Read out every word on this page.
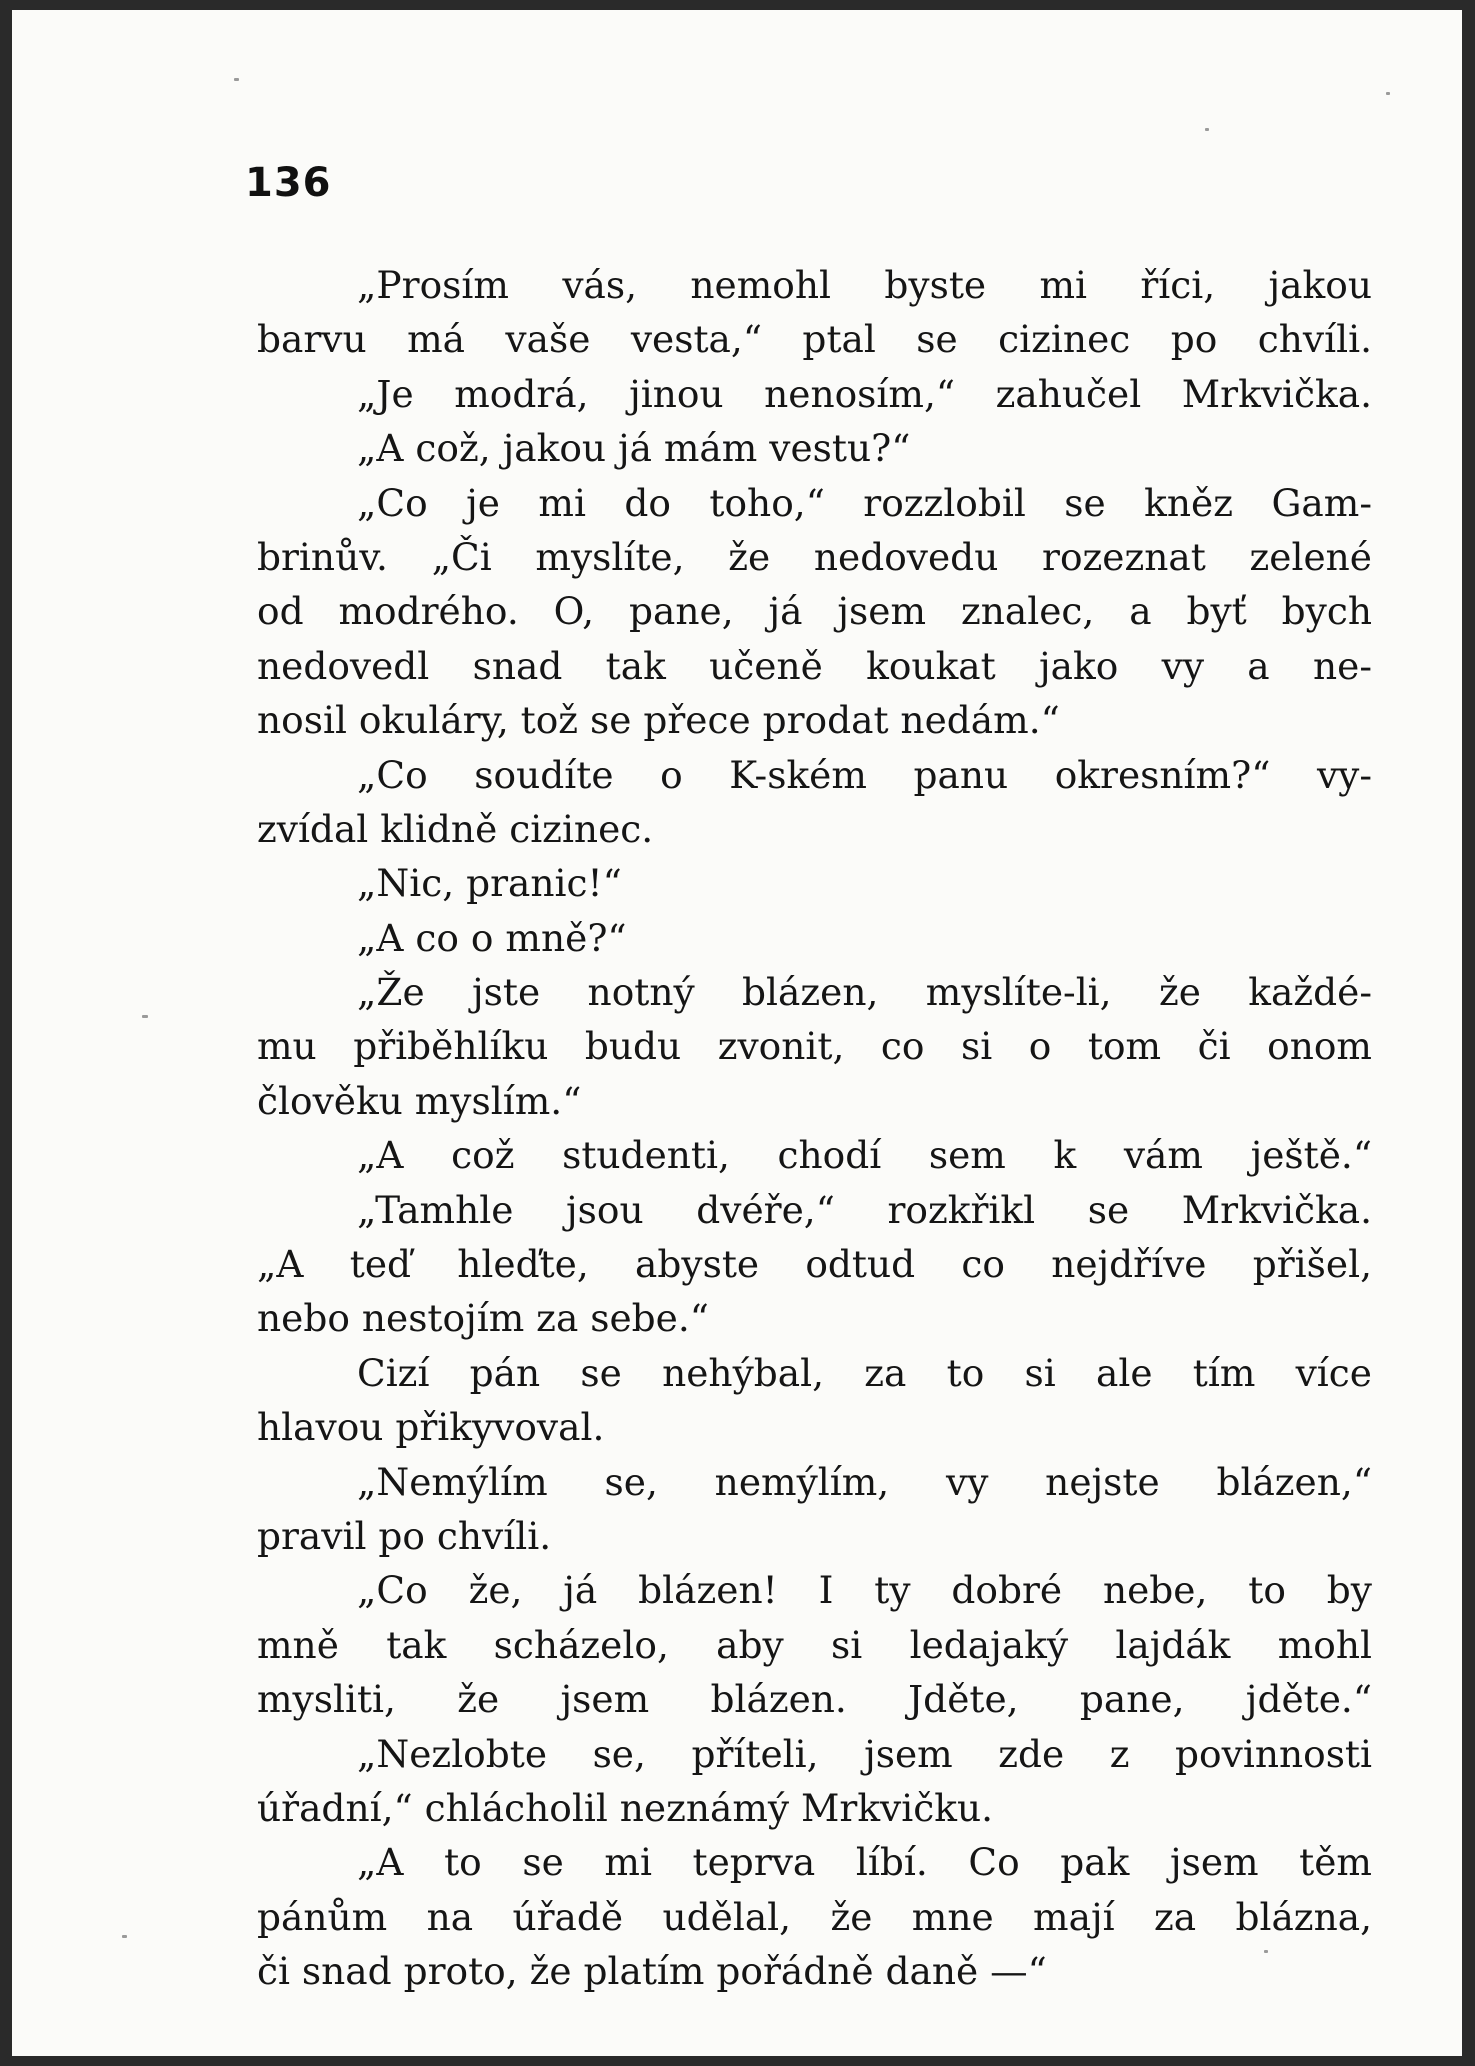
136
„Prosím vás, nemohl byste mi říci, jakou
barvu má vaše vesta,“ ptal se cizinec po chvíli.
„Je modrá, jinou nenosím,“ zahučel Mrkvička.
„A což, jakou já mám vestu?“
„Co je mi do toho,“ rozzlobil se kněz Gam-
brinův. „Či myslíte, že nedovedu rozeznat zelené
od modrého. O, pane, já jsem znalec, a byť bych
nedovedl snad tak učeně koukat jako vy a ne-
nosil okuláry, tož se přece prodat nedám.“
„Co soudíte o K-ském panu okresním?“ vy-
zvídal klidně cizinec.
„Nic, pranic!“
„A co o mně?“
„Že jste notný blázen, myslíte-li, že každé-
mu přiběhlíku budu zvonit, co si o tom či onom
člověku myslím.“
„A což studenti, chodí sem k vám ještě.“
„Tamhle jsou dvéře,“ rozkřikl se Mrkvička.
„A teď hleďte, abyste odtud co nejdříve přišel,
nebo nestojím za sebe.“
Cizí pán se nehýbal, za to si ale tím více
hlavou přikyvoval.
„Nemýlím se, nemýlím, vy nejste blázen,“
pravil po chvíli.
„Co že, já blázen! I ty dobré nebe, to by
mně tak scházelo, aby si ledajaký lajdák mohl
mysliti, že jsem blázen. Jděte, pane, jděte.“
„Nezlobte se, příteli, jsem zde z povinnosti
úřadní,“ chlácholil neznámý Mrkvičku.
„A to se mi teprva líbí. Co pak jsem těm
pánům na úřadě udělal, že mne mají za blázna,
či snad proto, že platím pořádně daně —“
